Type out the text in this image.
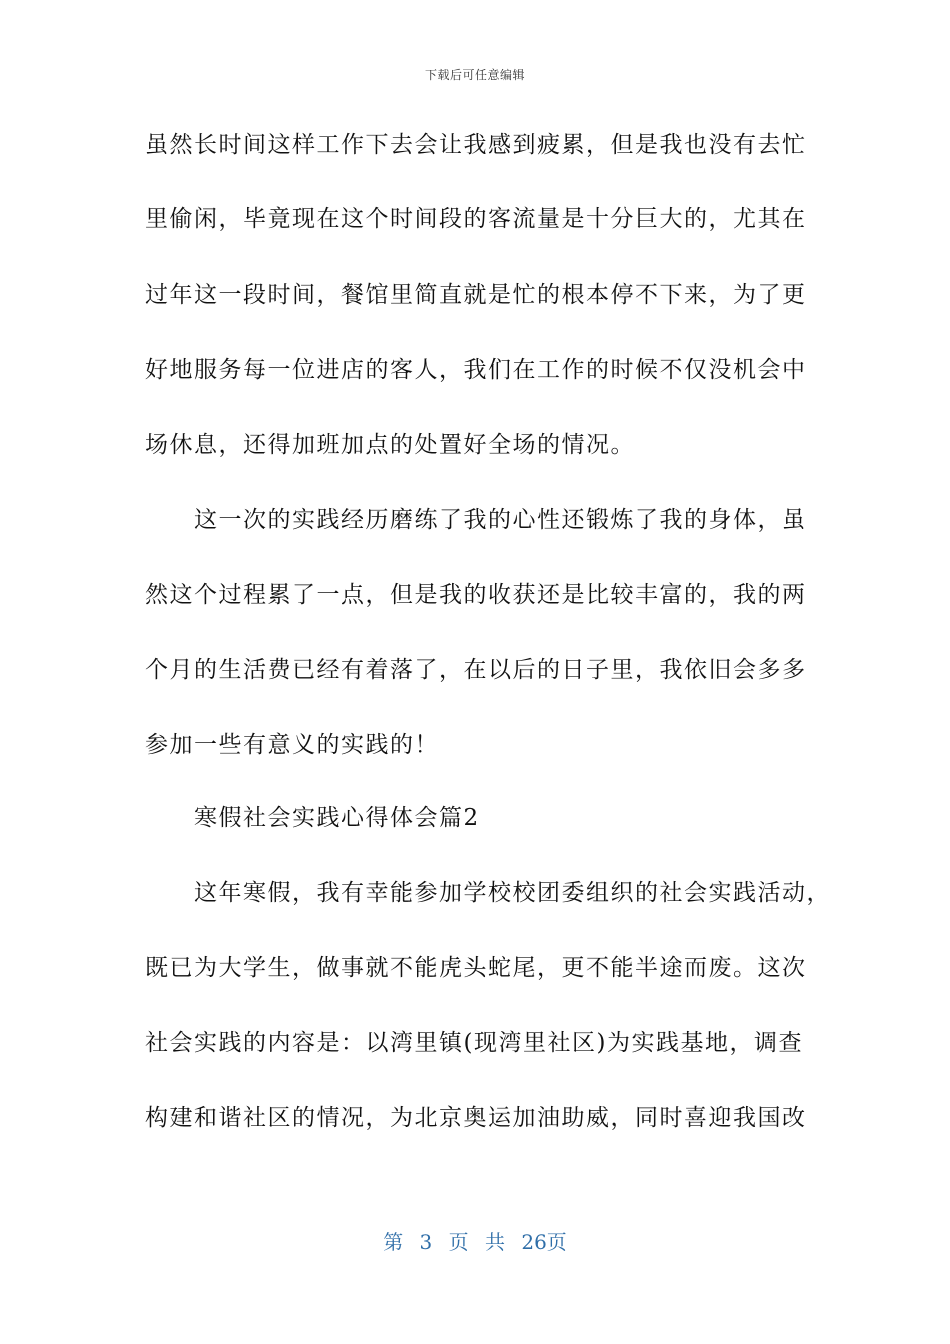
下载后可任意编辑
虽然长时间这样工作下去会让我感到疲累，但是我也没有去忙
里偷闲，毕竟现在这个时间段的客流量是十分巨大的，尤其在
过年这一段时间，餐馆里简直就是忙的根本停不下来，为了更
好地服务每一位进店的客人，我们在工作的时候不仅没机会中
场休息，还得加班加点的处置好全场的情况。
　　这一次的实践经历磨练了我的心性还锻炼了我的身体，虽
然这个过程累了一点，但是我的收获还是比较丰富的，我的两
个月的生活费已经有着落了，在以后的日子里，我依旧会多多
参加一些有意义的实践的！
　　寒假社会实践心得体会篇2
　　这年寒假，我有幸能参加学校校团委组织的社会实践活动，
既已为大学生，做事就不能虎头蛇尾，更不能半途而废。这次
社会实践的内容是：以湾里镇(现湾里社区)为实践基地，调查
构建和谐社区的情况，为北京奥运加油助威，同时喜迎我国改
第 3 页 共 26页
